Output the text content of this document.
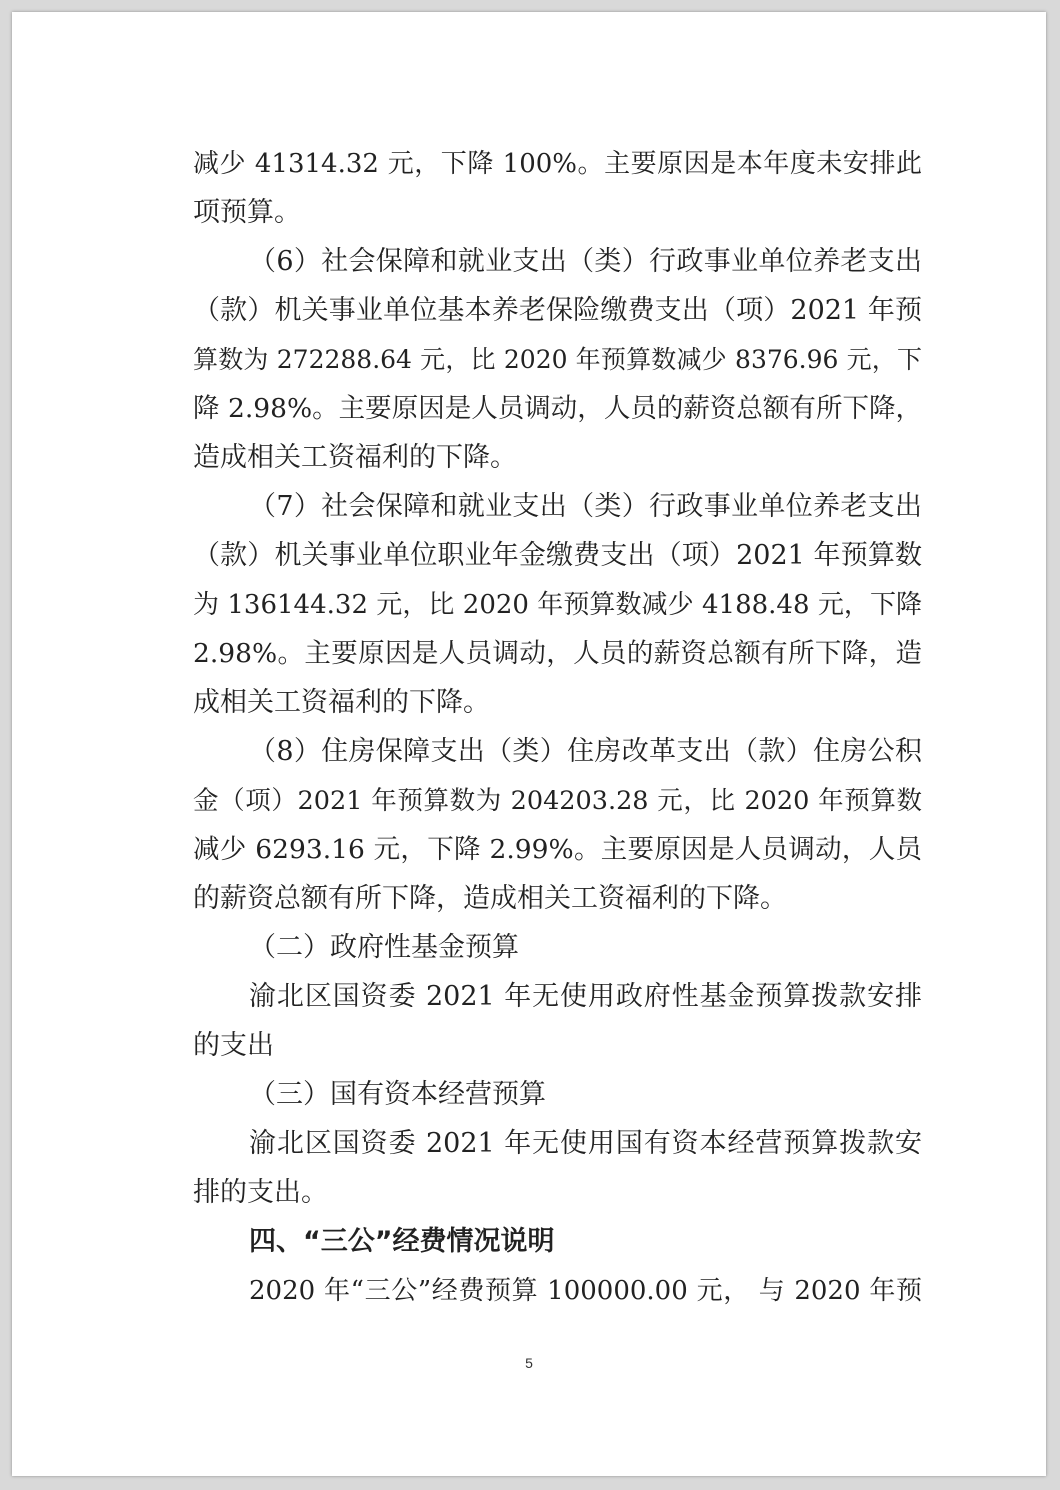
减少 41314.32 元，下降 100%。主要原因是本年度未安排此
项预算。
（6）社会保障和就业支出（类）行政事业单位养老支出
（款）机关事业单位基本养老保险缴费支出（项）2021 年预
算数为 272288.64 元，比 2020 年预算数减少 8376.96 元，下
降 2.98%。主要原因是人员调动，人员的薪资总额有所下降，
造成相关工资福利的下降。
（7）社会保障和就业支出（类）行政事业单位养老支出
（款）机关事业单位职业年金缴费支出（项）2021 年预算数
为 136144.32 元，比 2020 年预算数减少 4188.48 元，下降
2.98%。主要原因是人员调动，人员的薪资总额有所下降，造
成相关工资福利的下降。
（8）住房保障支出（类）住房改革支出（款）住房公积
金（项）2021 年预算数为 204203.28 元，比 2020 年预算数
减少 6293.16 元，下降 2.99%。主要原因是人员调动，人员
的薪资总额有所下降，造成相关工资福利的下降。
（二）政府性基金预算
渝北区国资委 2021 年无使用政府性基金预算拨款安排
的支出
（三）国有资本经营预算
渝北区国资委 2021 年无使用国有资本经营预算拨款安
排的支出。
四、“三公”经费情况说明
2020 年“三公”经费预算 100000.00 元， 与 2020 年预
5
